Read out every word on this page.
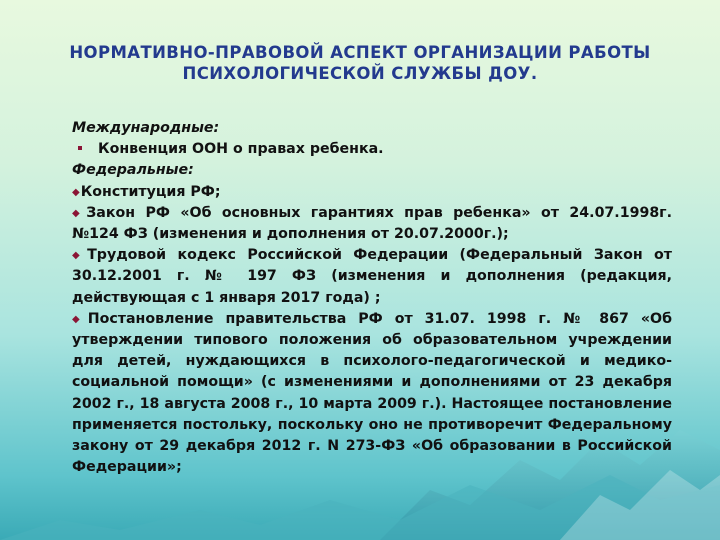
НОРМАТИВНО-ПРАВОВОЙ АСПЕКТ ОРГАНИЗАЦИИ РАБОТЫ
ПСИХОЛОГИЧЕСКОЙ СЛУЖБЫ ДОУ.

Международные:

Конвенция ООН о правах ребенка.

Федеральные:

◆Конституция РФ;

◆Закон РФ «Об основных гарантиях прав ребенка» от 24.07.1998г. №124 ФЗ (изменения и дополнения от 20.07.2000г.);

◆Трудовой кодекс Российской Федерации (Федеральный Закон от 30.12.2001 г. № 197 ФЗ (изменения и дополнения (редакция, действующая с 1 января 2017 года) ;

◆Постановление правительства РФ от 31.07. 1998 г. № 867 «Об утверждении типового положения об образовательном учреждении для детей, нуждающихся в психолого-педагогической и медико-социальной помощи» (с изменениями и дополнениями от 23 декабря 2002 г., 18 августа 2008 г., 10 марта 2009 г.). Настоящее постановление применяется постольку, поскольку оно не противоречит Федеральному закону от 29 декабря 2012 г. N 273-ФЗ «Об образовании в Российской Федерации»;
